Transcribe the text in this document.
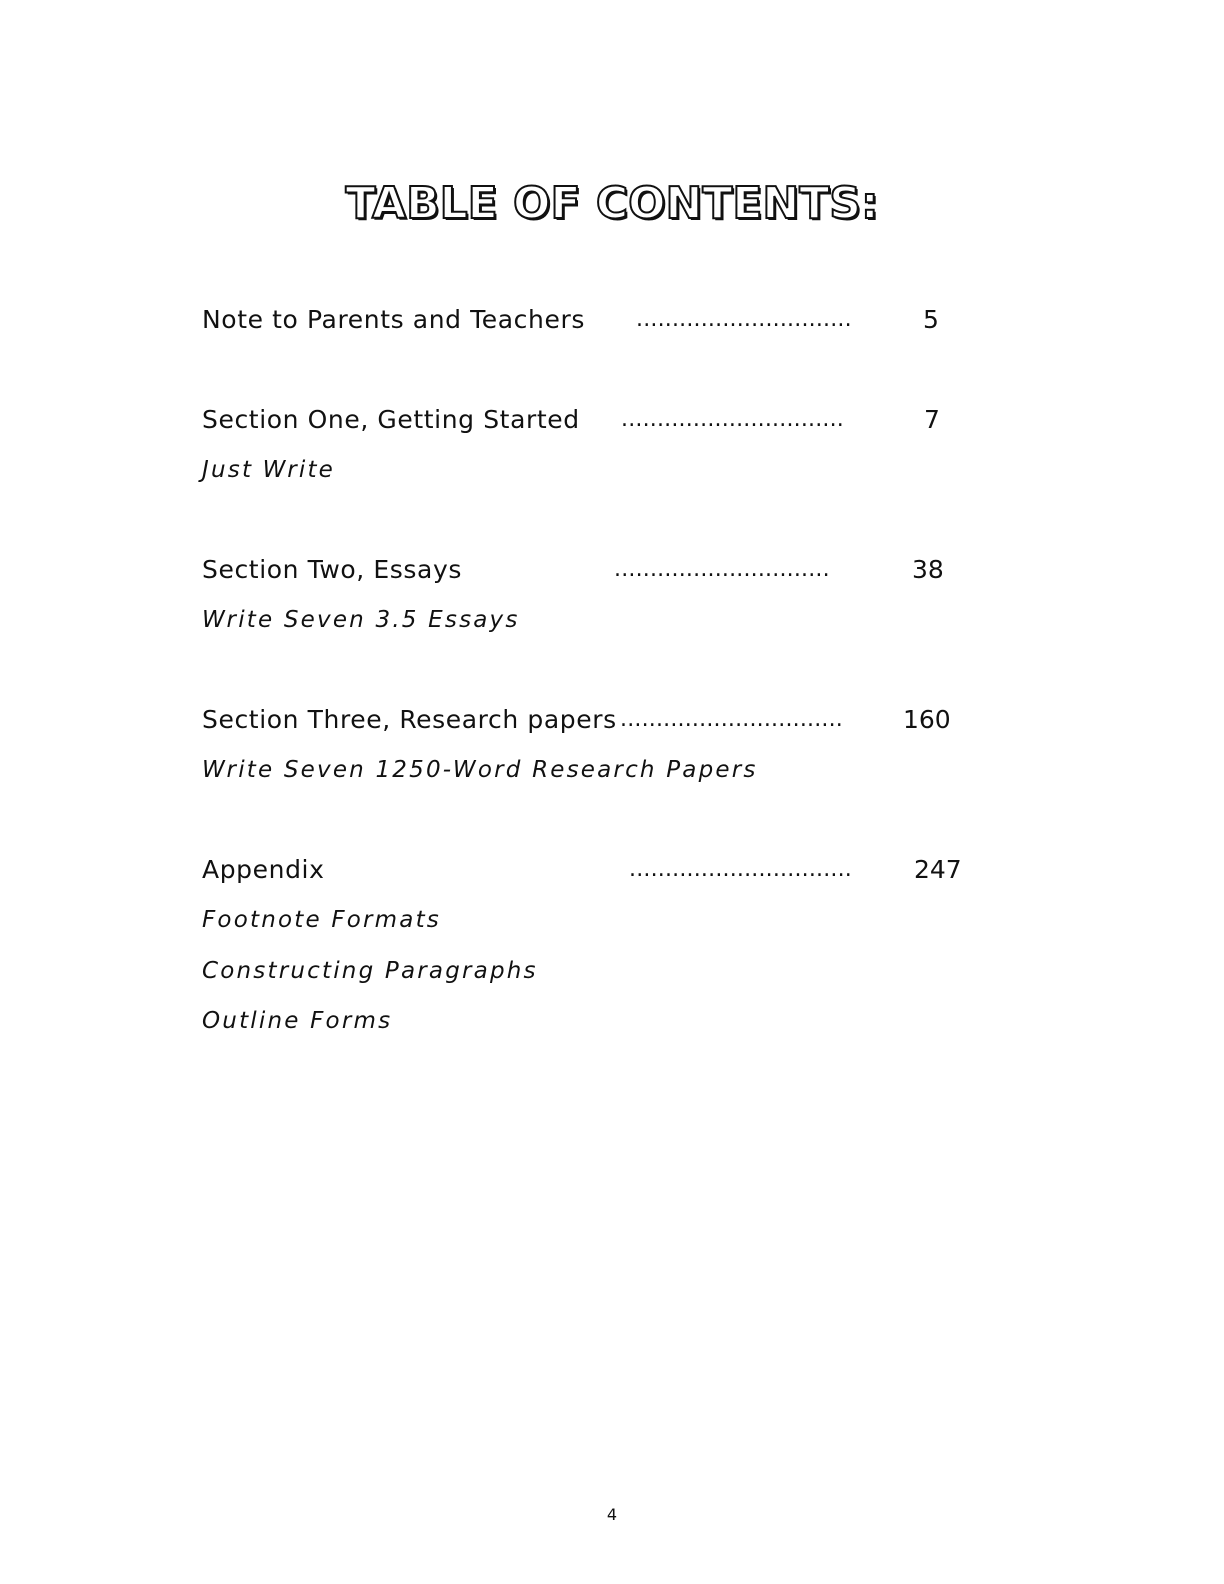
TABLE OF CONTENTS:
Note to Parents and Teachers ..............................	5
Section One, Getting Started ...............................	7
Just Write
Section Two, Essays	..............................	38
Write Seven 3.5 Essays
Section Three, Research papers ............................... 160
Write Seven 1250-Word Research Papers
Appendix	............................... 247
Footnote Formats
Constructing Paragraphs
Outline Forms
4
